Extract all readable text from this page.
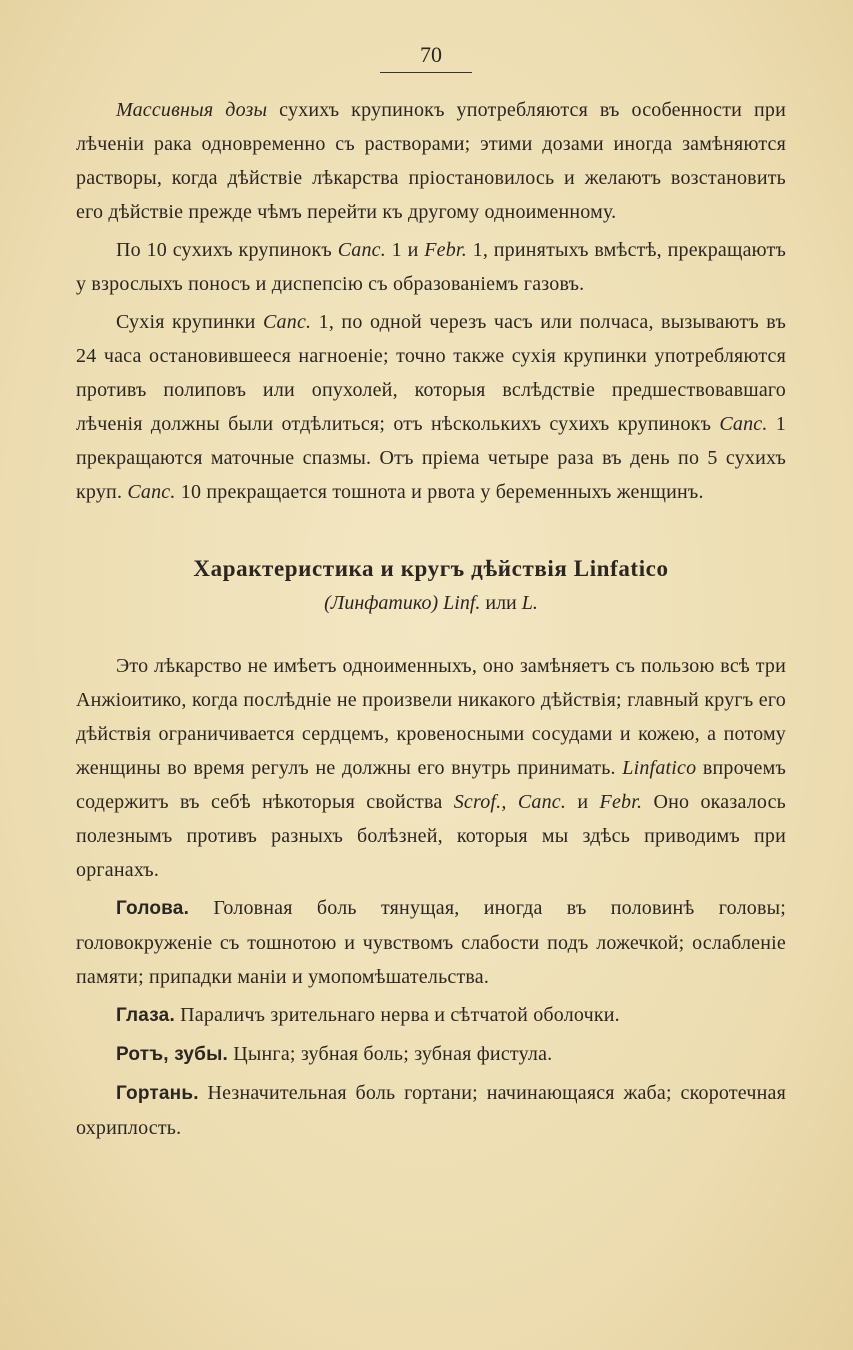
70

Массивныя дозы сухихъ крупинокъ употребляются въ особенности при лѣченіи рака одновременно съ растворами; этими дозами иногда замѣняются растворы, когда дѣйствіе лѣкарства пріостановилось и желаютъ возстановить его дѣйствіе прежде чѣмъ перейти къ другому одноименному.

По 10 сухихъ крупинокъ Canc. 1 и Febr. 1, принятыхъ вмѣстѣ, прекращаютъ у взрослыхъ поносъ и диспепсію съ образованіемъ газовъ.

Сухія крупинки Canc. 1, по одной черезъ часъ или полчаса, вызываютъ въ 24 часа остановившееся нагноеніе; точно также сухія крупинки употребляются противъ полиповъ или опухолей, которыя вслѣдствіе предшествовавшаго лѣченія должны были отдѣлиться; отъ нѣсколькихъ сухихъ крупинокъ Canc. 1 прекращаются маточные спазмы. Отъ пріема четыре раза въ день по 5 сухихъ круп. Canc. 10 прекращается тошнота и рвота у беременныхъ женщинъ.

Характеристика и кругъ дѣйствія Linfatico
(Линфатико) Linf. или L.

Это лѣкарство не имѣетъ одноименныхъ, оно замѣняетъ съ пользою всѣ три Анжіоитико, когда послѣдніе не произвели никакого дѣйствія; главный кругъ его дѣйствія ограничивается сердцемъ, кровеносными сосудами и кожею, а потому женщины во время регулъ не должны его внутрь принимать. Linfatico впрочемъ содержитъ въ себѣ нѣкоторыя свойства Scrof., Canc. и Febr. Оно оказалось полезнымъ противъ разныхъ болѣзней, которыя мы здѣсь приводимъ при органахъ.

Голова. Головная боль тянущая, иногда въ половинѣ головы; головокруженіе съ тошнотою и чувствомъ слабости подъ ложечкой; ослабленіе памяти; припадки маніи и умопомѣшательства.

Глаза. Параличъ зрительнаго нерва и сѣтчатой оболочки.

Ротъ, зубы. Цынга; зубная боль; зубная фистула.

Гортань. Незначительная боль гортани; начинающаяся жаба; скоротечная охриплость.
